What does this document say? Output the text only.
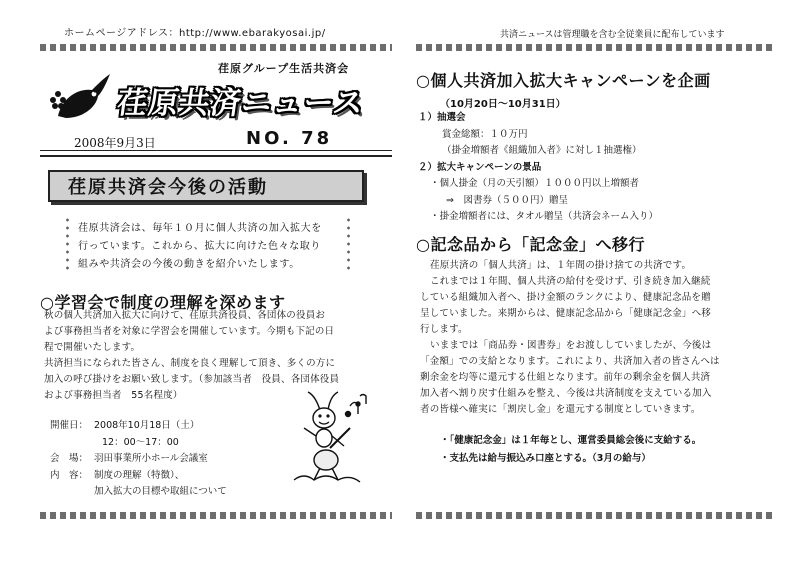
ホームページアドレス：http://www.ebarakyosai.jp/	共済ニュースは管理職を含む全従業員に配布しています
荏原グループ生活共済会
荏原共済ニュース
2008年9月3日	NO. 78
荏原共済会今後の活動

荏原共済会は、毎年１０月に個人共済の加入拡大を

行っています。これから、拡大に向けた色々な取り

組みや共済会の今後の動きを紹介いたします。

○学習会で制度の理解を深めます

秋の個人共済加入拡大に向けて、荏原共済役員、各団体の役員お

よび事務担当者を対象に学習会を開催しています。今期も下記の日

程で開催いたします。

共済担当になられた皆さん、制度を良く理解して頂き、多くの方に

加入の呼び掛けをお願い致します。（参加該当者　役員、各団体役員

および事務担当者　55名程度）

開催日： 2008年10月18日（土）
12：00～17：00
会　場： 羽田事業所小ホール会議室
内　容： 制度の理解（特徴）、
加入拡大の目標や取組について
○個人共済加入拡大キャンペーンを企画
（10月20日～10月31日）
１）抽選会
賞金総額：１０万円
（掛金増額者《組織加入者》に対し１抽選権）
２）拡大キャンペーンの景品
・個人掛金（月の天引額）１０００円以上増額者
⇒　図書券（５００円）贈呈
・掛金増額者には、タオル贈呈（共済会ネーム入り）
○記念品から「記念金」へ移行

荏原共済の「個人共済」は、１年間の掛け捨ての共済です。

これまでは１年間、個人共済の給付を受けず、引き続き加入継続

している組織加入者へ、掛け金額のランクにより、健康記念品を贈

呈していました。来期からは、健康記念品から「健康記念金」へ移

行します。

いままでは「商品券・図書券」をお渡ししていましたが、今後は

「金額」での支給となります。これにより、共済加入者の皆さんへは

剰余金を均等に還元する仕組となります。前年の剰余金を個人共済

加入者へ割り戻す仕組みを整え、今後は共済制度を支えている加入

者の皆様へ確実に「割戻し金」を還元する制度としていきます。

・「健康記念金」は１年毎とし、運営委員総会後に支給する。
・支払先は給与振込み口座とする。（3月の給与）
